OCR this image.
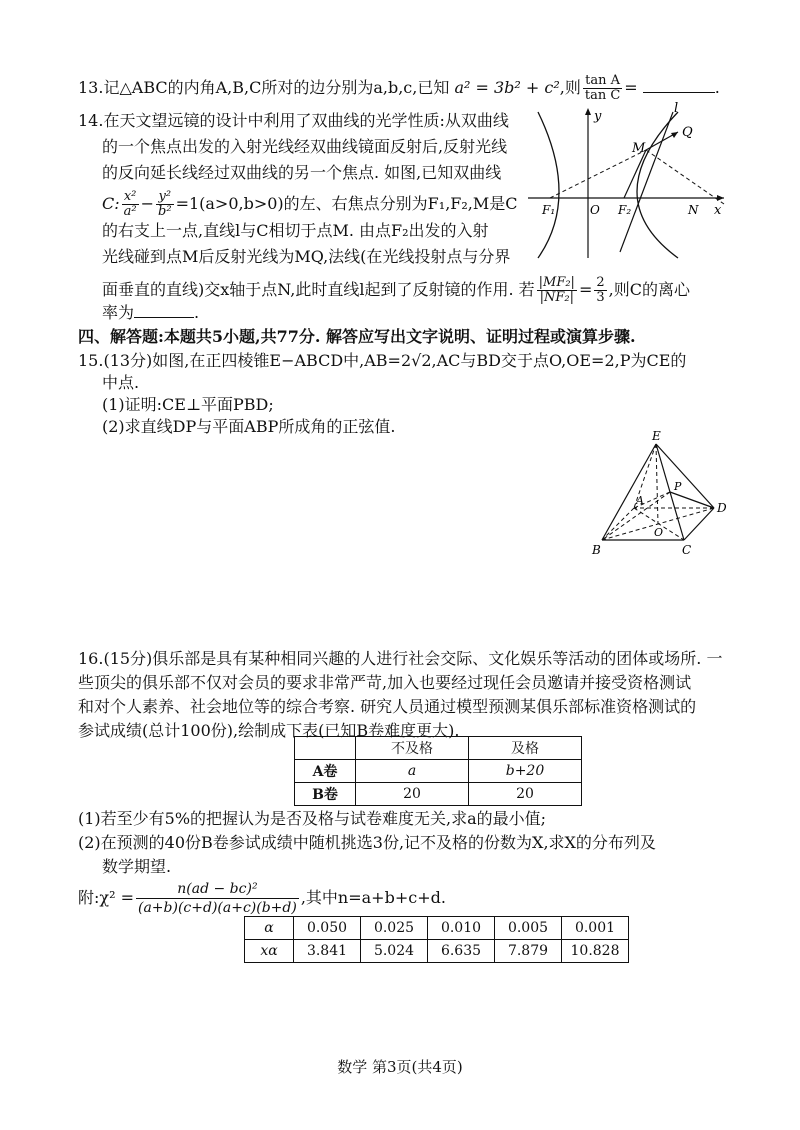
13.记△ABC的内角A,B,C所对的边分别为a,b,c,已知 a² = 3b² + c²,则 $\frac{\text{tan A}}{\text{tan C}}$ =	.
14.在天文望远镜的设计中利用了双曲线的光学性质:从双曲线
的一个焦点出发的入射光线经双曲线镜面反射后,反射光线
的反向延长线经过双曲线的另一个焦点. 如图,已知双曲线
C: $\frac{\text{x²}}{\text{a²}} - \frac{\text{y²}}{\text{b²}} =1(a>0,b>0)$的左、右焦点分别为F₁,F₂,M是C
的右支上一点,直线l与C相切于点M. 由点F₂出发的入射
光线碰到点M后反射光线为MQ,法线(在光线投射点与分界
面垂直的直线)交x轴于点N,此时直线l起到了反射镜的作用. 若 $\frac{\text{|MF₂|}}{\text{|NF₂|}} = \frac{2}{3}$ ,则C的离心
率为	.
y
x
l
Q
M
F₁	O F₂	N
四、解答题:本题共5小题,共77分. 解答应写出文字说明、证明过程或演算步骤.
15.(13分)如图,在正四棱锥E−ABCD中,AB=2√2,AC与BD交于点O,OE=2,P为CE的
中点.
(1)证明:CE⊥平面PBD;
(2)求直线DP与平面ABP所成角的正弦值.	E
A
P
D
O
B	C
16.(15分)俱乐部是具有某种相同兴趣的人进行社会交际、文化娱乐等活动的团体或场所. 一
些顶尖的俱乐部不仅对会员的要求非常严苛,加入也要经过现任会员邀请并接受资格测试
和对个人素养、社会地位等的综合考察. 研究人员通过模型预测某俱乐部标准资格测试的
参试成绩(总计100份),绘制成下表(已知B卷难度更大).
	不及格	及格
A卷	a	b+20
B卷	20	20
(1)若至少有5%的把握认为是否及格与试卷难度无关,求a的最小值;
(2)在预测的40份B卷参试成绩中随机挑选3份,记不及格的份数为X,求X的分布列及
数学期望.
附:χ² = $\frac{\text{n(ad − bc)²}}{(a+b)(c+d)(a+c)(b+d)}$ ,其中n=a+b+c+d.
α	0.050	0.025	0.010	0.005	0.001
xα	3.841	5.024	6.635	7.879	10.828
数学 第3页(共4页)
